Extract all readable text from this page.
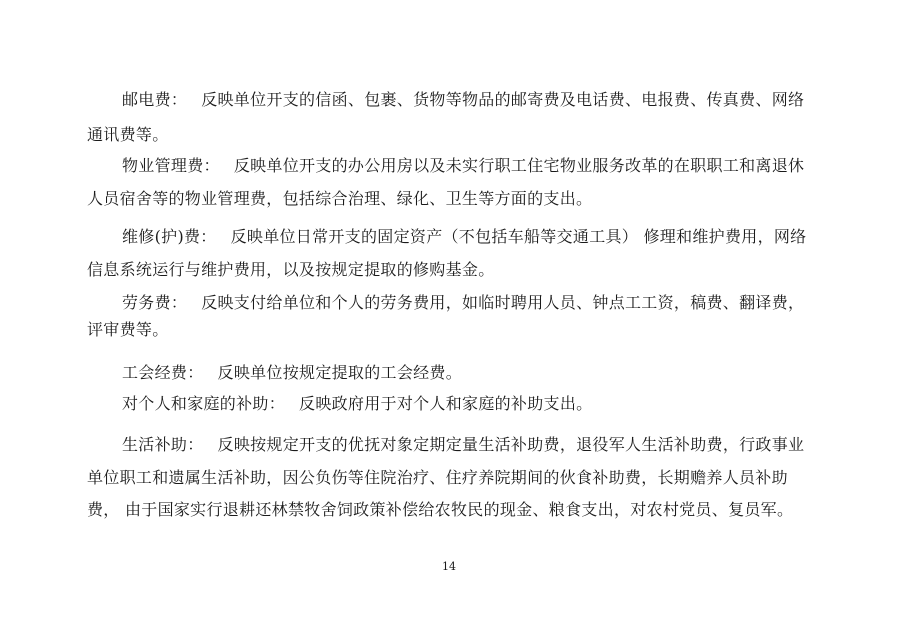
邮电费： 反映单位开支的信函、包裹、货物等物品的邮寄费及电话费、电报费、传真费、网络
通讯费等。
物业管理费： 反映单位开支的办公用房以及未实行职工住宅物业服务改革的在职职工和离退休
人员宿舍等的物业管理费，包括综合治理、绿化、卫生等方面的支出。
维修(护)费： 反映单位日常开支的固定资产（不包括车船等交通工具） 修理和维护费用，网络
信息系统运行与维护费用，以及按规定提取的修购基金。
劳务费： 反映支付给单位和个人的劳务费用，如临时聘用人员、钟点工工资，稿费、翻译费，
评审费等。
工会经费： 反映单位按规定提取的工会经费。
对个人和家庭的补助： 反映政府用于对个人和家庭的补助支出。
生活补助： 反映按规定开支的优抚对象定期定量生活补助费，退役军人生活补助费，行政事业
单位职工和遗属生活补助，因公负伤等住院治疗、住疗养院期间的伙食补助费，长期赡养人员补助
费， 由于国家实行退耕还林禁牧舍饲政策补偿给农牧民的现金、粮食支出，对农村党员、复员军。
14
